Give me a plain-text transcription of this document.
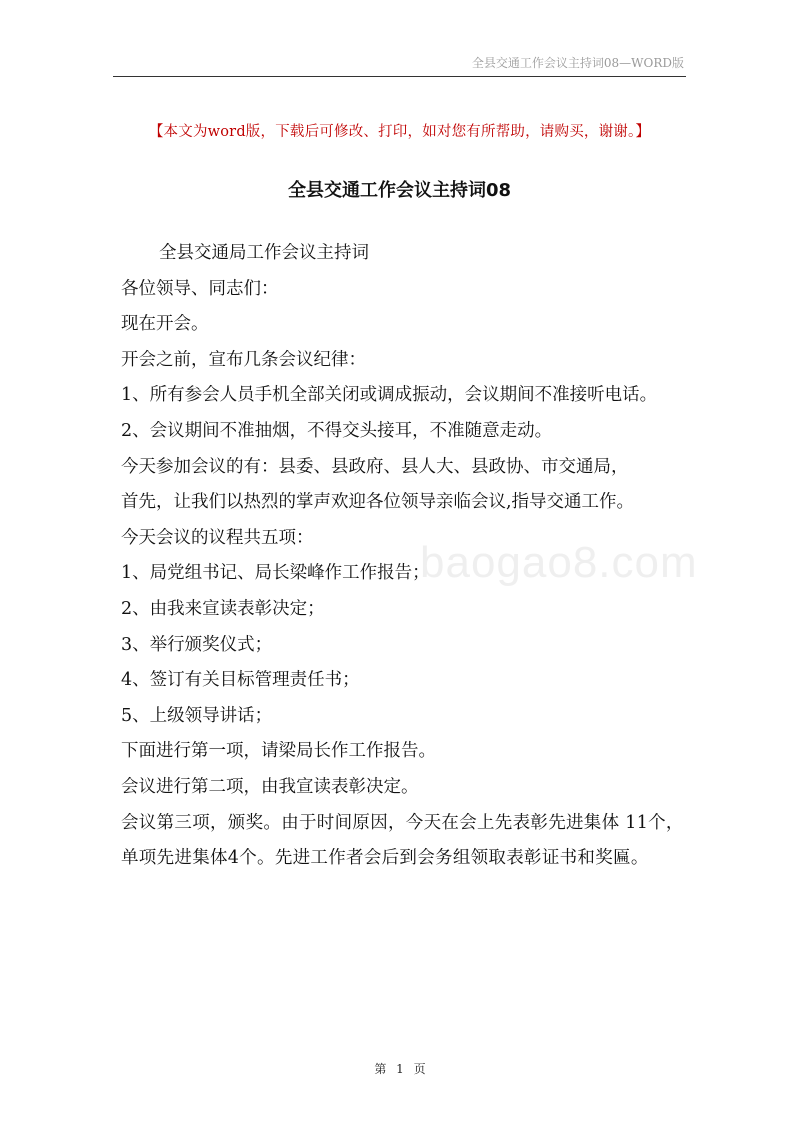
全县交通工作会议主持词08—WORD版
【本文为word版，下载后可修改、打印，如对您有所帮助，请购买，谢谢。】
全县交通工作会议主持词08
baogao8.com

全县交通局工作会议主持词

各位领导、同志们：

现在开会。

开会之前，宣布几条会议纪律：

1、所有参会人员手机全部关闭或调成振动，会议期间不准接听电话。

2、会议期间不准抽烟，不得交头接耳，不准随意走动。

今天参加会议的有：县委、县政府、县人大、县政协、市交通局，

首先，让我们以热烈的掌声欢迎各位领导亲临会议,指导交通工作。

今天会议的议程共五项：

1、局党组书记、局长梁峰作工作报告；

2、由我来宣读表彰决定；

3、举行颁奖仪式；

4、签订有关目标管理责任书；

5、上级领导讲话；

下面进行第一项，请梁局长作工作报告。

会议进行第二项，由我宣读表彰决定。

会议第三项，颁奖。由于时间原因，今天在会上先表彰先进集体 11个，单项先进集体4个。先进工作者会后到会务组领取表彰证书和奖匾。

第 1 页
